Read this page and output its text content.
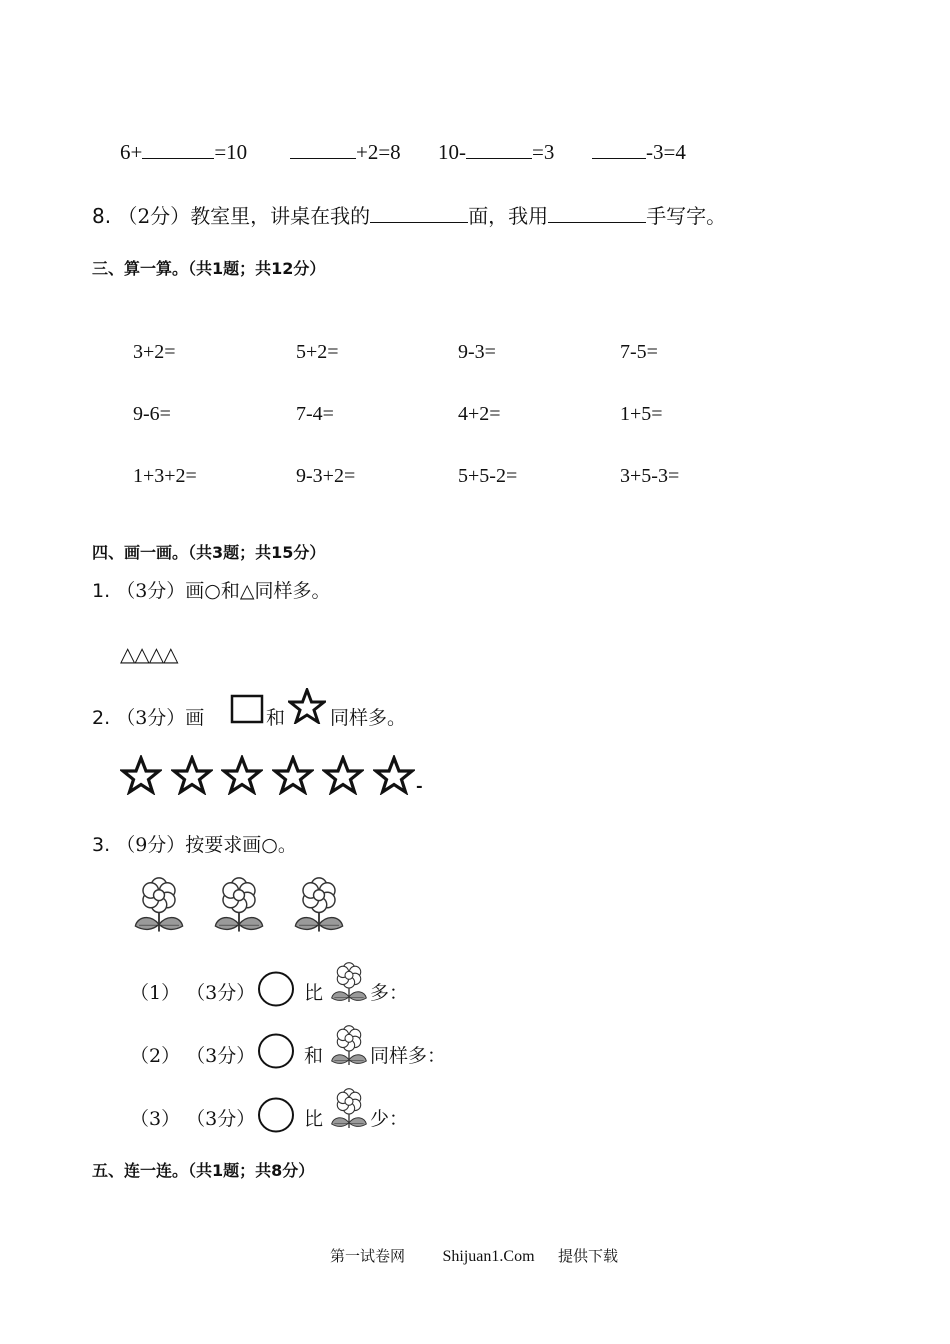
6+	=10	+2=8 10-	=3	-3=4
8. （2分）教室里，讲桌在我的	面，我用	手写字。
三、算一算。（共1题；共12分）
3+2=	5+2=	9-3=	7-5=
9-6=	7-4=	4+2=	1+5=
1+3+2=	9-3+2=	5+5-2=	3+5-3=
四、画一画。（共3题；共15分）
1. （3分）画○和△同样多。
△△△△
2. （3分）画	和 同样多。
-
3. （9分）按要求画○。
（1） （3分）	比 多：
（2） （3分）	和 同样多：
（3） （3分）	比 少：
五、连一连。（共1题；共8分）
第一试卷网 Shijuan1.Com 提供下载
